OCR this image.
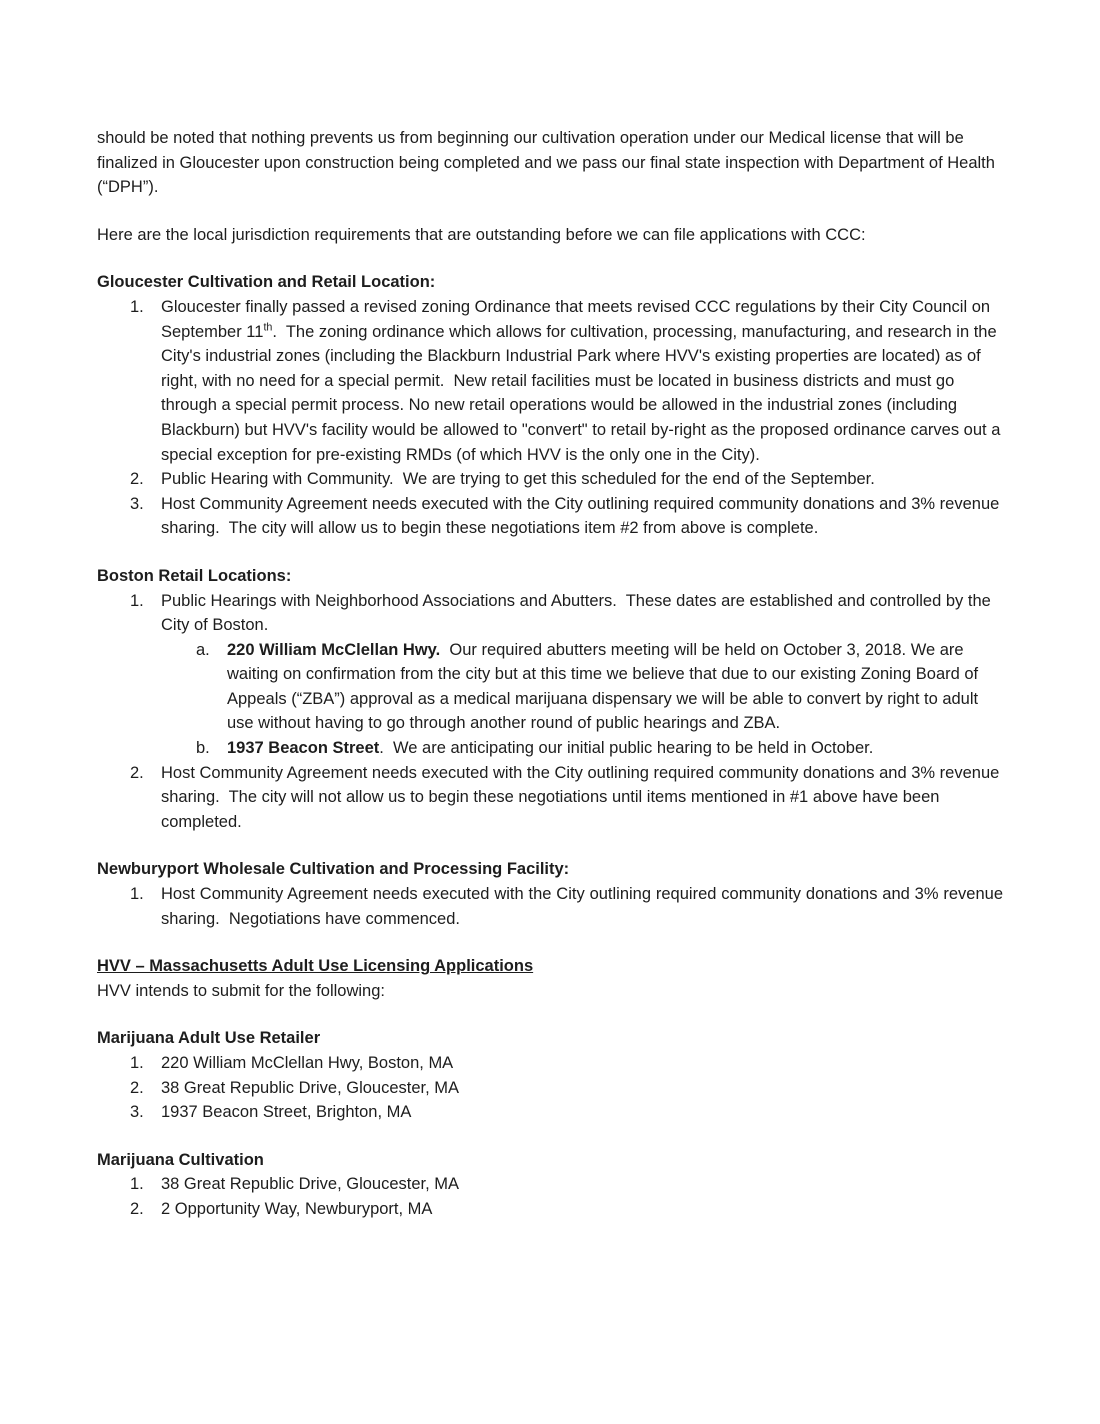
should be noted that nothing prevents us from beginning our cultivation operation under our Medical license that will be finalized in Gloucester upon construction being completed and we pass our final state inspection with Department of Health (“DPH”).

Here are the local jurisdiction requirements that are outstanding before we can file applications with CCC:

Gloucester Cultivation and Retail Location:
1. Gloucester finally passed a revised zoning Ordinance that meets revised CCC regulations by their City Council on September 11th.  The zoning ordinance which allows for cultivation, processing, manufacturing, and research in the City's industrial zones (including the Blackburn Industrial Park where HVV's existing properties are located) as of right, with no need for a special permit.  New retail facilities must be located in business districts and must go through a special permit process. No new retail operations would be allowed in the industrial zones (including Blackburn) but HVV's facility would be allowed to "convert" to retail by-right as the proposed ordinance carves out a special exception for pre-existing RMDs (of which HVV is the only one in the City).
2. Public Hearing with Community.  We are trying to get this scheduled for the end of the September.
3. Host Community Agreement needs executed with the City outlining required community donations and 3% revenue sharing.  The city will allow us to begin these negotiations item #2 from above is complete.
Boston Retail Locations:
1. Public Hearings with Neighborhood Associations and Abutters.  These dates are established and controlled by the City of Boston.
a. 220 William McClellan Hwy.  Our required abutters meeting will be held on October 3, 2018. We are waiting on confirmation from the city but at this time we believe that due to our existing Zoning Board of Appeals (“ZBA”) approval as a medical marijuana dispensary we will be able to convert by right to adult use without having to go through another round of public hearings and ZBA.
b. 1937 Beacon Street.  We are anticipating our initial public hearing to be held in October.
2. Host Community Agreement needs executed with the City outlining required community donations and 3% revenue sharing.  The city will not allow us to begin these negotiations until items mentioned in #1 above have been completed.
Newburyport Wholesale Cultivation and Processing Facility:
1. Host Community Agreement needs executed with the City outlining required community donations and 3% revenue sharing.  Negotiations have commenced.
HVV – Massachusetts Adult Use Licensing Applications

HVV intends to submit for the following:

Marijuana Adult Use Retailer
1. 220 William McClellan Hwy, Boston, MA
2. 38 Great Republic Drive, Gloucester, MA
3. 1937 Beacon Street, Brighton, MA
Marijuana Cultivation
1. 38 Great Republic Drive, Gloucester, MA
2. 2 Opportunity Way, Newburyport, MA
